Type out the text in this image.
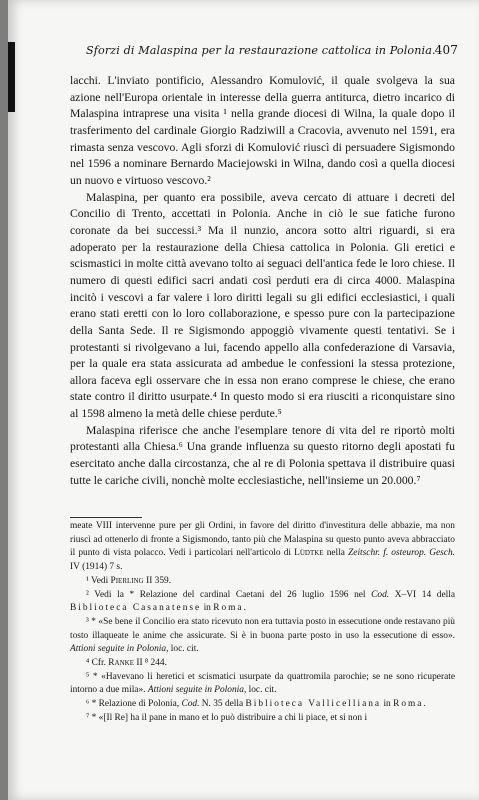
Sforzi di Malaspina per la restaurazione cattolica in Polonia. 407

lacchi. L'inviato pontificio, Alessandro Komulović, il quale svolgeva la sua azione nell'Europa orientale in interesse della guerra antiturca, dietro incarico di Malaspina intraprese una visita ¹ nella grande diocesi di Wilna, la quale dopo il trasferimento del cardinale Giorgio Radziwill a Cracovia, avvenuto nel 1591, era rimasta senza vescovo. Agli sforzi di Komulović riuscì di persuadere Sigismondo nel 1596 a nominare Bernardo Maciejowski in Wilna, dando così a quella diocesi un nuovo e virtuoso vescovo.²

Malaspina, per quanto era possibile, aveva cercato di attuare i decreti del Concilio di Trento, accettati in Polonia. Anche in ciò le sue fatiche furono coronate da bei successi.³ Ma il nunzio, ancora sotto altri riguardi, si era adoperato per la restaurazione della Chiesa cattolica in Polonia. Gli eretici e scismastici in molte città avevano tolto ai seguaci dell'antica fede le loro chiese. Il numero di questi edifici sacri andati così perduti era di circa 4000. Malaspina incitò i vescovi a far valere i loro diritti legali su gli edifici ecclesiastici, i quali erano stati eretti con lo loro collaborazione, e spesso pure con la partecipazione della Santa Sede. Il re Sigismondo appoggiò vivamente questi tentativi. Se i protestanti si rivolgevano a lui, facendo appello alla confederazione di Varsavia, per la quale era stata assicurata ad ambedue le confessioni la stessa protezione, allora faceva egli osservare che in essa non erano comprese le chiese, che erano state contro il diritto usurpate.⁴ In questo modo si era riusciti a riconquistare sino al 1598 almeno la metà delle chiese perdute.⁵

Malaspina riferisce che anche l'esemplare tenore di vita del re riportò molti protestanti alla Chiesa.⁶ Una grande influenza su questo ritorno degli apostati fu esercitato anche dalla circostanza, che al re di Polonia spettava il distribuire quasi tutte le cariche civili, nonchè molte ecclesiastiche, nell'insieme un 20.000.⁷

meate VIII intervenne pure per gli Ordini, in favore del diritto d'investitura delle abbazie, ma non riuscì ad ottenerlo di fronte a Sigismondo, tanto più che Malaspina su questo punto aveva abbracciato il punto di vista polacco. Vedi i particolari nell'articolo di Lüdtke nella Zeitschr. f. osteurop. Gesch. IV (1914) 7 s.

¹ Vedi Pierling II 359.

² Vedi la * Relazione del cardinal Caetani del 26 luglio 1596 nel Cod. X–VI 14 della Biblioteca Casanatense in Roma.

³ * «Se bene il Concilio era stato ricevuto non era tuttavia posto in essecutione onde restavano più tosto illaqueate le anime che assicurate. Si è in buona parte posto in uso la essecutione di esso». Attioni seguite in Polonia, loc. cit.

⁴ Cfr. Ranke II ⁸ 244.

⁵ * «Havevano li heretici et scismatici usurpate da quattromila parochie; se ne sono ricuperate intorno a due mila». Attioni seguite in Polonia, loc. cit.

⁶ * Relazione di Polonia, Cod. N. 35 della Biblioteca Vallicelliana in Roma.

⁷ * «[Il Re] ha il pane in mano et lo può distribuire a chi li piace, et si non i
